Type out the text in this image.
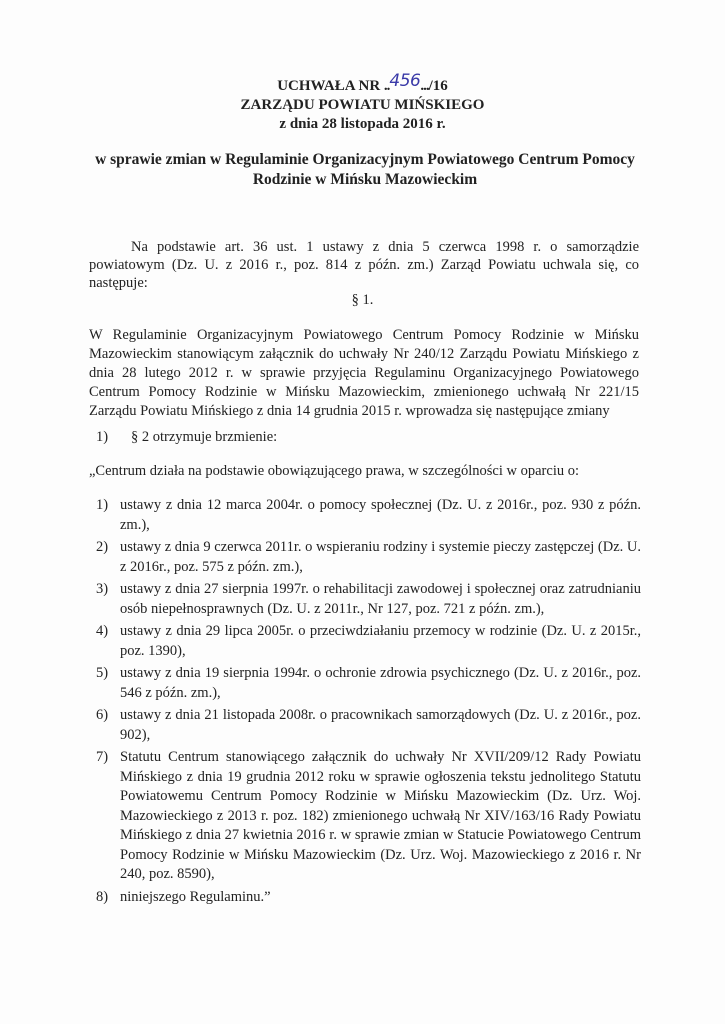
UCHWAŁA NR ..456.../16
ZARZĄDU POWIATU MIŃSKIEGO
z dnia 28 listopada 2016 r.
w sprawie zmian w Regulaminie Organizacyjnym Powiatowego Centrum Pomocy
Rodzinie w Mińsku Mazowieckim
Na podstawie art. 36 ust. 1 ustawy z dnia 5 czerwca 1998 r. o samorządzie powiatowym (Dz. U. z 2016 r., poz. 814 z późn. zm.) Zarząd Powiatu uchwala się, co następuje:
§ 1.
W Regulaminie Organizacyjnym Powiatowego Centrum Pomocy Rodzinie w Mińsku Mazowieckim stanowiącym załącznik do uchwały Nr 240/12 Zarządu Powiatu Mińskiego z dnia 28 lutego 2012 r. w sprawie przyjęcia Regulaminu Organizacyjnego Powiatowego Centrum Pomocy Rodzinie w Mińsku Mazowieckim, zmienionego uchwałą Nr 221/15 Zarządu Powiatu Mińskiego z dnia 14 grudnia 2015 r. wprowadza się następujące zmiany
1) § 2 otrzymuje brzmienie:
„Centrum działa na podstawie obowiązującego prawa, w szczególności w oparciu o:
1) ustawy z dnia 12 marca 2004r. o pomocy społecznej (Dz. U. z 2016r., poz. 930 z późn. zm.),
2) ustawy z dnia 9 czerwca 2011r. o wspieraniu rodziny i systemie pieczy zastępczej (Dz. U. z 2016r., poz. 575 z późn. zm.),
3) ustawy z dnia 27 sierpnia 1997r. o rehabilitacji zawodowej i społecznej oraz zatrudnianiu osób niepełnosprawnych (Dz. U. z 2011r., Nr 127, poz. 721 z późn. zm.),
4) ustawy z dnia 29 lipca 2005r. o przeciwdziałaniu przemocy w rodzinie (Dz. U. z 2015r., poz. 1390),
5) ustawy z dnia 19 sierpnia 1994r. o ochronie zdrowia psychicznego (Dz. U. z 2016r., poz. 546 z późn. zm.),
6) ustawy z dnia 21 listopada 2008r. o pracownikach samorządowych (Dz. U. z 2016r., poz. 902),
7) Statutu Centrum stanowiącego załącznik do uchwały Nr XVII/209/12 Rady Powiatu Mińskiego z dnia 19 grudnia 2012 roku w sprawie ogłoszenia tekstu jednolitego Statutu Powiatowemu Centrum Pomocy Rodzinie w Mińsku Mazowieckim (Dz. Urz. Woj. Mazowieckiego z 2013 r. poz. 182) zmienionego uchwałą Nr XIV/163/16 Rady Powiatu Mińskiego z dnia 27 kwietnia 2016 r. w sprawie zmian w Statucie Powiatowego Centrum Pomocy Rodzinie w Mińsku Mazowieckim (Dz. Urz. Woj. Mazowieckiego z 2016 r. Nr 240, poz. 8590),
8) niniejszego Regulaminu.”
